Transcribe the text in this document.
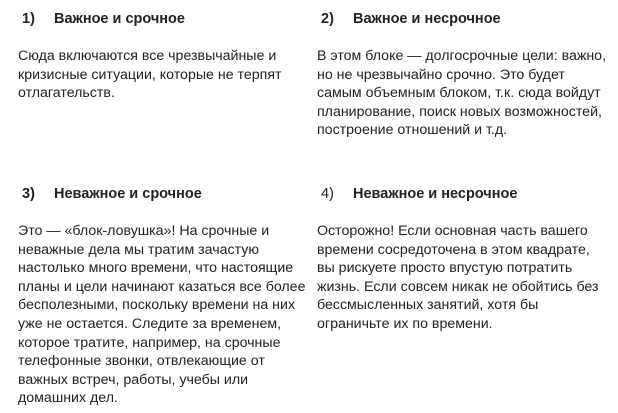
1) Важное и срочное

Сюда включаются все чрезвычайные и кризисные ситуации, которые не терпят отлагательств.

2) Важное и несрочное

В этом блоке — долгосрочные цели: важно, но не чрезвычайно срочно. Это будет самым объемным блоком, т.к. сюда войдут планирование, поиск новых возможностей, построение отношений и т.д.

3) Неважное и срочное

Это — «блок-ловушка»! На срочные и неважные дела мы тратим зачастую настолько много времени, что настоящие планы и цели начинают казаться все более бесполезными, поскольку времени на них уже не остается. Следите за временем, которое тратите, например, на срочные телефонные звонки, отвлекающие от важных встреч, работы, учебы или домашних дел.

4) Неважное и несрочное

Осторожно! Если основная часть вашего времени сосредоточена в этом квадрате, вы рискуете просто впустую потратить жизнь. Если совсем никак не обойтись без бессмысленных занятий, хотя бы ограничьте их по времени.
